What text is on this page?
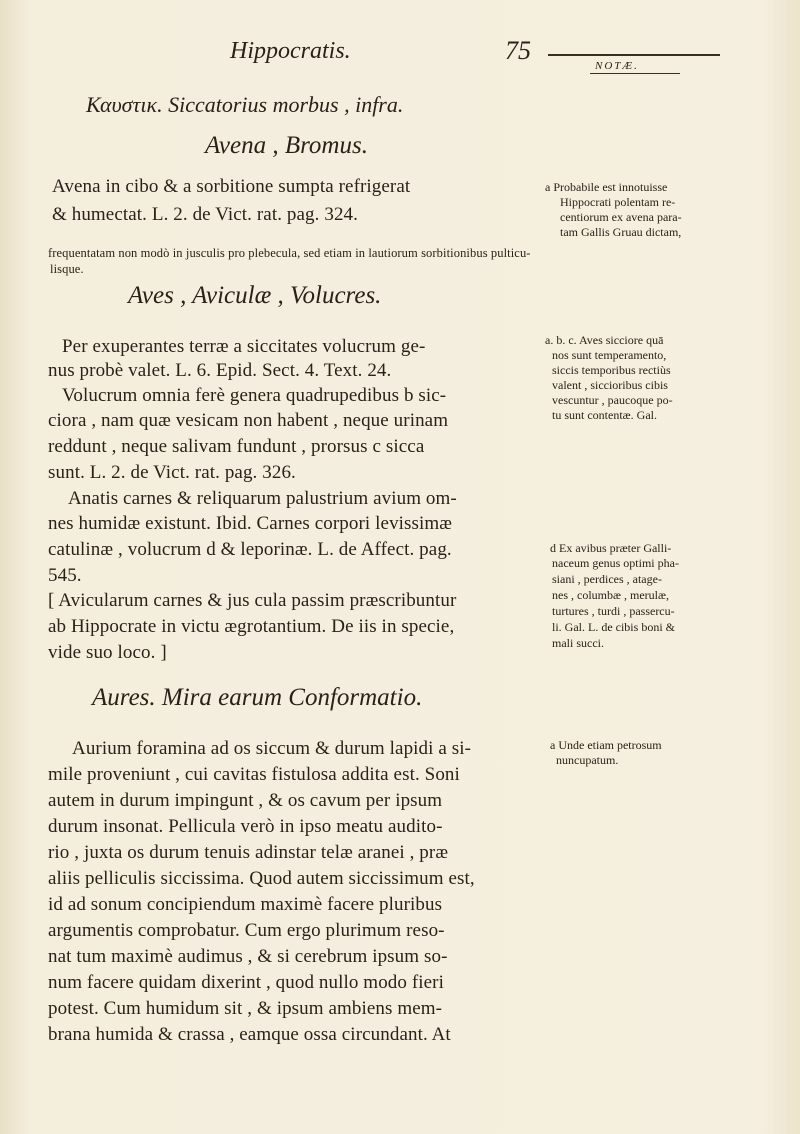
Hippocratis.	75
NOTÆ.
Καυστικ. Siccatorius morbus , infra.
Avena , Bromus.
Avena in cibo & a sorbitione sumpta refrigerat
& humectat. L. 2. de Vict. rat. pag. 324.
a Probabile est innotuisse
Hippocrati polentam re-
centiorum ex avena para-
tam Gallis Gruau dictam,
frequentatam non modò in jusculis pro plebecula, sed etiam in lautiorum sorbitionibus pulticu-
lisque.
Aves , Aviculæ , Volucres.
Per exuperantes terræ a siccitates volucrum ge-
nus probè valet. L. 6. Epid. Sect. 4. Text. 24.
Volucrum omnia ferè genera quadrupedibus b sic-
ciora , nam quæ vesicam non habent , neque urinam
reddunt , neque salivam fundunt , prorsus c sicca
sunt. L. 2. de Vict. rat. pag. 326.
Anatis carnes & reliquarum palustrium avium om-
nes humidæ existunt. Ibid. Carnes corpori levissimæ
catulinæ , volucrum d & leporinæ. L. de Affect. pag.
545.
[ Avicularum carnes & jus cula passim præscribuntur
ab Hippocrate in victu ægrotantium. De iis in specie,
vide suo loco. ]
a. b. c. Aves sicciore quā
nos sunt temperamento,
siccis temporibus rectiùs
valent , siccioribus cibis
vescuntur , paucoque po-
tu sunt contentæ. Gal.
d Ex avibus præter Galli-
naceum genus optimi pha-
siani , perdices , atage-
nes , columbæ , merulæ,
turtures , turdi , passercu-
li. Gal. L. de cibis boni &
mali succi.
Aures. Mira earum Conformatio.
Aurium foramina ad os siccum & durum lapidi a si-
mile proveniunt , cui cavitas fistulosa addita est. Soni
autem in durum impingunt , & os cavum per ipsum
durum insonat. Pellicula verò in ipso meatu audito-
rio , juxta os durum tenuis adinstar telæ aranei , præ
aliis pelliculis siccissima. Quod autem siccissimum est,
id ad sonum concipiendum maximè facere pluribus
argumentis comprobatur. Cum ergo plurimum reso-
nat tum maximè audimus , & si cerebrum ipsum so-
num facere quidam dixerint , quod nullo modo fieri
potest. Cum humidum sit , & ipsum ambiens mem-
brana humida & crassa , eamque ossa circundant. At
a Unde etiam petrosum
nuncupatum.
